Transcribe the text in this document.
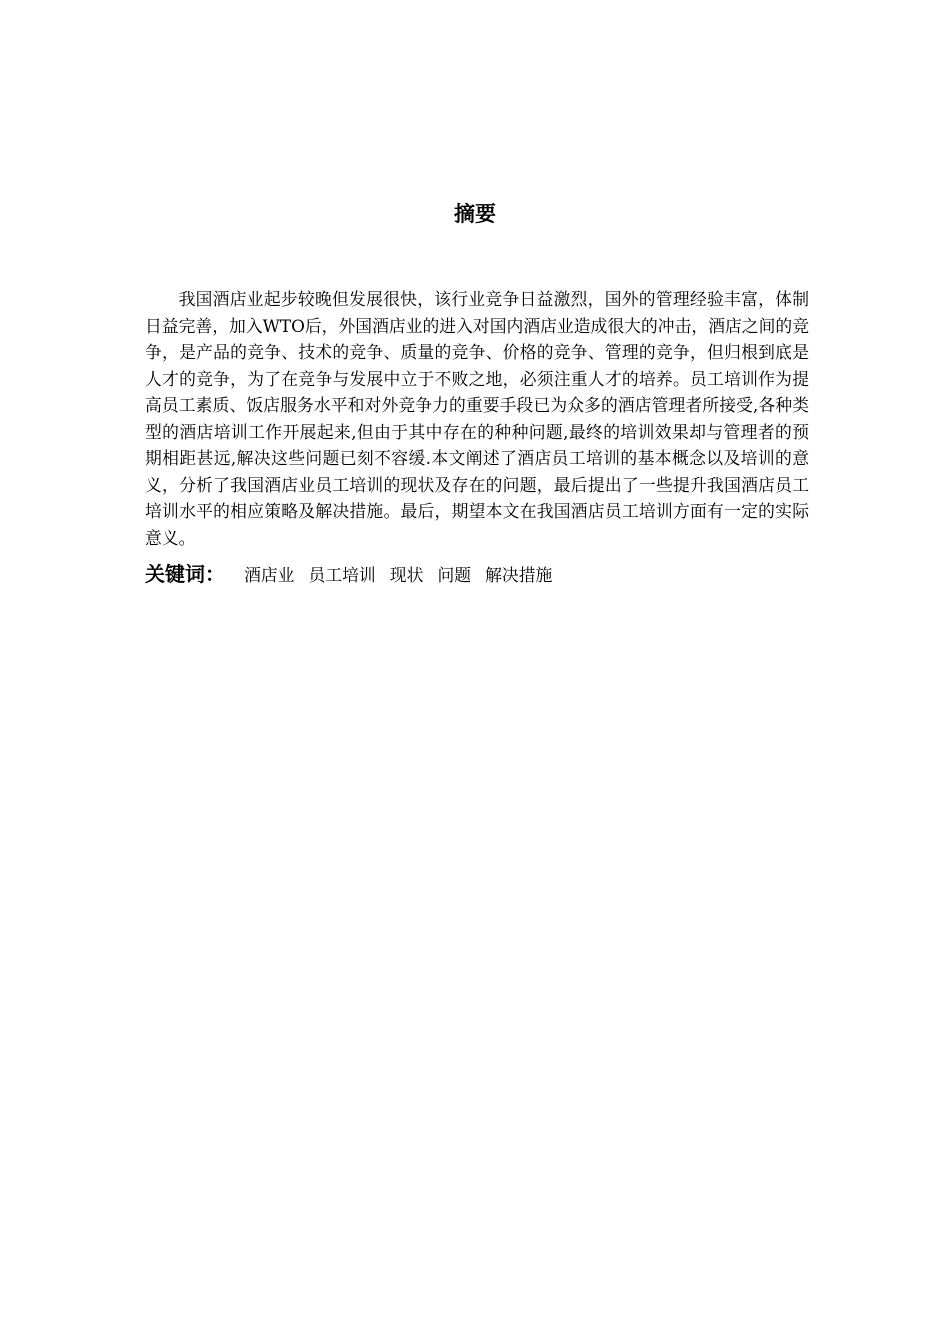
摘要

我国酒店业起步较晚但发展很快，该行业竞争日益激烈，国外的管理经验丰富，体制日益完善，加入WTO后，外国酒店业的进入对国内酒店业造成很大的冲击，酒店之间的竞争，是产品的竞争、技术的竞争、质量的竞争、价格的竞争、管理的竞争，但归根到底是人才的竞争，为了在竞争与发展中立于不败之地，必须注重人才的培养。员工培训作为提高员工素质、饭店服务水平和对外竞争力的重要手段已为众多的酒店管理者所接受,各种类型的酒店培训工作开展起来,但由于其中存在的种种问题,最终的培训效果却与管理者的预期相距甚远,解决这些问题已刻不容缓.本文阐述了酒店员工培训的基本概念以及培训的意义，分析了我国酒店业员工培训的现状及存在的问题，最后提出了一些提升我国酒店员工培训水平的相应策略及解决措施。最后，期望本文在我国酒店员工培训方面有一定的实际意义。

关键词： 酒店业 员工培训 现状 问题 解决措施
